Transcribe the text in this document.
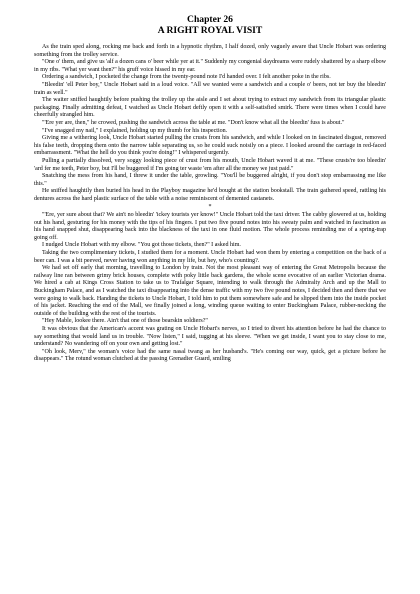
Chapter 26
A RIGHT ROYAL VISIT

As the train sped along, rocking me back and forth in a hypnotic rhythm, I half dozed, only vaguely aware that Uncle Hobart was ordering something from the trolley service.

"One o' them, and give us 'alf a dozen cans o' beer while yer at it." Suddenly my congenial daydreams were rudely shattered by a sharp elbow in my ribs. "What yer want then?" his gruff voice hissed in my ear.

Ordering a sandwich, I pocketed the change from the twenty-pound note I'd handed over. I felt another poke in the ribs.

"Bleedin' 'ell Peter boy," Uncle Hobart said in a loud voice. "All we wanted were a sandwich and a couple o' beers, not ter buy the bleedin' train as well."

The waiter sniffed haughtily before pushing the trolley up the aisle and I set about trying to extract my sandwich from its triangular plastic packaging. Finally admitting defeat, I watched as Uncle Hobart deftly open it with a self-satisfied smirk. There were times when I could have cheerfully strangled him.

"'Ere yer are, then," he crowed, pushing the sandwich across the table at me. "Don't know what all the bleedin' fuss is about."

"I've snagged my nail," I explained, holding up my thumb for his inspection.

Giving me a withering look, Uncle Hobart started pulling the crusts from his sandwich, and while I looked on in fascinated disgust, removed his false teeth, dropping them onto the narrow table separating us, so he could suck noisily on a piece. I looked around the carriage in red-faced embarrassment. "What the hell do you think you're doing!" I whispered urgently.

Pulling a partially dissolved, very soggy looking piece of crust from his mouth, Uncle Hobart waved it at me. "These crusts're too bleedin' 'ard fer me teeth, Peter boy, but I'll be buggered if I'm going ter waste 'em after all the money we just paid."

Snatching the mess from his hand, I threw it under the table, growling. "You'll be buggered alright, if you don't stop embarrassing me like this."

He sniffed haughtily then buried his head in the Playboy magazine he'd bought at the station bookstall. The train gathered speed, rattling his dentures across the hard plastic surface of the table with a noise reminiscent of demented castanets.

*

"'Ere, yer sure about that? We ain't no bleedin' 'ickey tourists yer know!" Uncle Hobart told the taxi driver. The cabby glowered at us, holding out his hand, gesturing for his money with the tips of his fingers. I put two five pound notes into his sweaty palm and watched in fascination as his hand snapped shut, disappearing back into the blackness of the taxi in one fluid motion. The whole process reminding me of a spring-trap going off.

I nudged Uncle Hobart with my elbow. "You got those tickets, then?" I asked him.

Taking the two complimentary tickets, I studied them for a moment. Uncle Hobart had won them by entering a competition on the back of a beer can. I was a bit peeved, never having won anything in my life, but hey, who's counting?.

We had set off early that morning, travelling to London by train. Not the most pleasant way of entering the Great Metropolis because the railway line ran between grimy brick houses, complete with poky little back gardens, the whole scene evocative of an earlier Victorian drama. We hired a cab at Kings Cross Station to take us to Trafalgar Square, intending to walk through the Admiralty Arch and up the Mall to Buckingham Palace, and as I watched the taxi disappearing into the dense traffic with my two five pound notes, I decided then and there that we were going to walk back. Handing the tickets to Uncle Hobart, I told him to put them somewhere safe and he slipped them into the inside pocket of his jacket. Reaching the end of the Mall, we finally joined a long, winding queue waiting to enter Buckingham Palace, rubber-necking the outside of the building with the rest of the tourists.

"Hey Mable, lookee there. Ain't that one of those bearskin soldiers?"

It was obvious that the American's accent was grating on Uncle Hobart's nerves, so I tried to divert his attention before he had the chance to say something that would land us in trouble. "Now listen," I said, tugging at his sleeve. "When we get inside, I want you to stay close to me, understand? No wandering off on your own and getting lost."

"Oh look, Merv," the woman's voice had the same nasal twang as her husband's. "He's coming our way, quick, get a picture before he disappears." The rotund woman clutched at the passing Grenadier Guard, smiling
